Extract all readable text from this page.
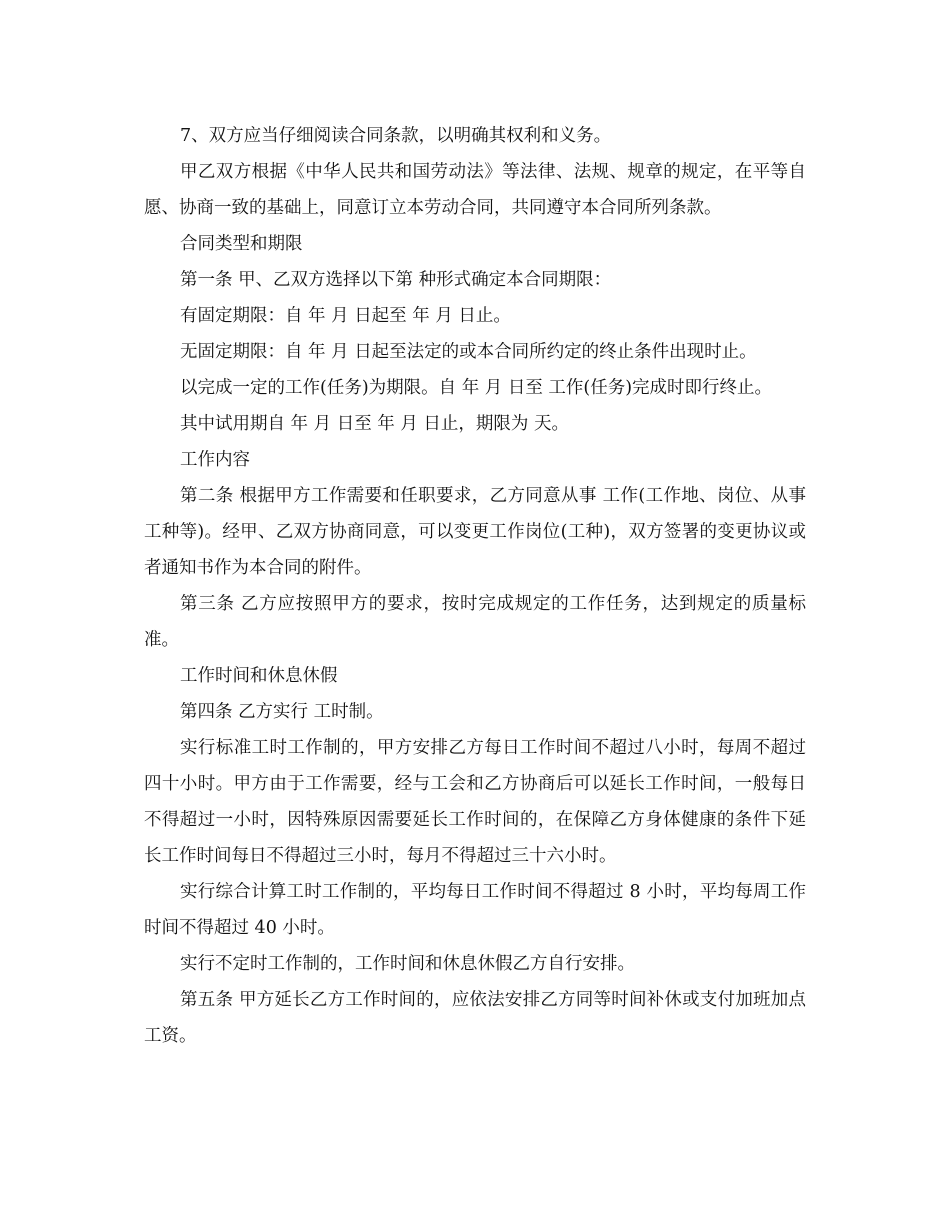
7、双方应当仔细阅读合同条款，以明确其权利和义务。

甲乙双方根据《中华人民共和国劳动法》等法律、法规、规章的规定，在平等自愿、协商一致的基础上，同意订立本劳动合同，共同遵守本合同所列条款。

合同类型和期限

第一条 甲、乙双方选择以下第 种形式确定本合同期限：

有固定期限：自 年 月 日起至 年 月 日止。

无固定期限：自 年 月 日起至法定的或本合同所约定的终止条件出现时止。

以完成一定的工作(任务)为期限。自 年 月 日至 工作(任务)完成时即行终止。

其中试用期自 年 月 日至 年 月 日止，期限为 天。

工作内容

第二条 根据甲方工作需要和任职要求，乙方同意从事 工作(工作地、岗位、从事工种等)。经甲、乙双方协商同意，可以变更工作岗位(工种)，双方签署的变更协议或者通知书作为本合同的附件。

第三条 乙方应按照甲方的要求，按时完成规定的工作任务，达到规定的质量标准。

工作时间和休息休假

第四条 乙方实行 工时制。

实行标准工时工作制的，甲方安排乙方每日工作时间不超过八小时，每周不超过四十小时。甲方由于工作需要，经与工会和乙方协商后可以延长工作时间，一般每日不得超过一小时，因特殊原因需要延长工作时间的，在保障乙方身体健康的条件下延长工作时间每日不得超过三小时，每月不得超过三十六小时。

实行综合计算工时工作制的，平均每日工作时间不得超过 8 小时，平均每周工作时间不得超过 40 小时。

实行不定时工作制的，工作时间和休息休假乙方自行安排。

第五条 甲方延长乙方工作时间的，应依法安排乙方同等时间补休或支付加班加点工资。
